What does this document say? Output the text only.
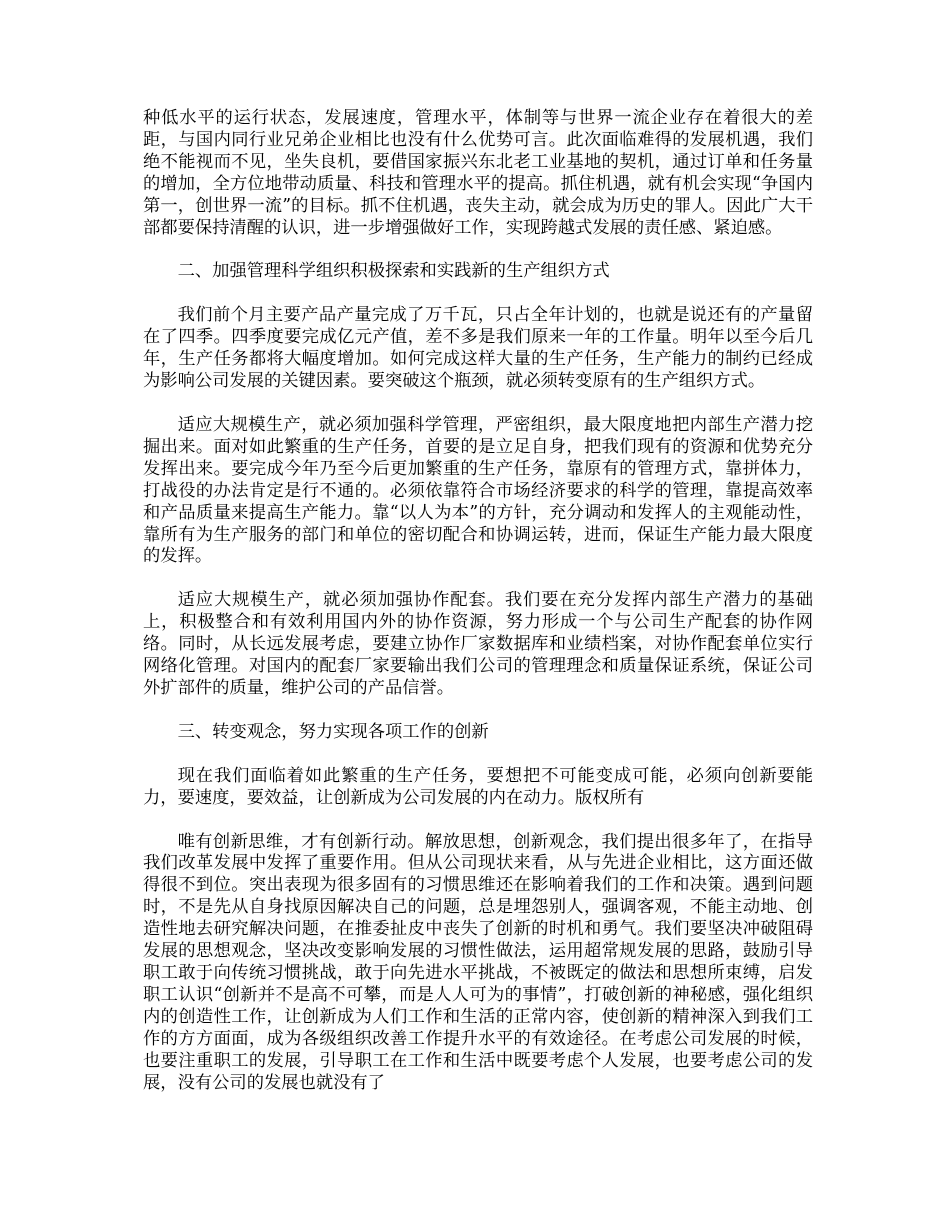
种低水平的运行状态，发展速度，管理水平，体制等与世界一流企业存在着很大的差距，与国内同行业兄弟企业相比也没有什么优势可言。此次面临难得的发展机遇，我们绝不能视而不见，坐失良机，要借国家振兴东北老工业基地的契机，通过订单和任务量的增加，全方位地带动质量、科技和管理水平的提高。抓住机遇，就有机会实现“争国内第一，创世界一流”的目标。抓不住机遇，丧失主动，就会成为历史的罪人。因此广大干部都要保持清醒的认识，进一步增强做好工作，实现跨越式发展的责任感、紧迫感。

二、加强管理科学组织积极探索和实践新的生产组织方式

我们前个月主要产品产量完成了万千瓦，只占全年计划的，也就是说还有的产量留在了四季。四季度要完成亿元产值，差不多是我们原来一年的工作量。明年以至今后几年，生产任务都将大幅度增加。如何完成这样大量的生产任务，生产能力的制约已经成为影响公司发展的关键因素。要突破这个瓶颈，就必须转变原有的生产组织方式。

适应大规模生产，就必须加强科学管理，严密组织，最大限度地把内部生产潜力挖掘出来。面对如此繁重的生产任务，首要的是立足自身，把我们现有的资源和优势充分发挥出来。要完成今年乃至今后更加繁重的生产任务，靠原有的管理方式，靠拼体力，打战役的办法肯定是行不通的。必须依靠符合市场经济要求的科学的管理，靠提高效率和产品质量来提高生产能力。靠“以人为本”的方针，充分调动和发挥人的主观能动性，靠所有为生产服务的部门和单位的密切配合和协调运转，进而，保证生产能力最大限度的发挥。

适应大规模生产，就必须加强协作配套。我们要在充分发挥内部生产潜力的基础上，积极整合和有效利用国内外的协作资源，努力形成一个与公司生产配套的协作网络。同时，从长远发展考虑，要建立协作厂家数据库和业绩档案，对协作配套单位实行网络化管理。对国内的配套厂家要输出我们公司的管理理念和质量保证系统，保证公司外扩部件的质量，维护公司的产品信誉。

三、转变观念，努力实现各项工作的创新

现在我们面临着如此繁重的生产任务，要想把不可能变成可能，必须向创新要能力，要速度，要效益，让创新成为公司发展的内在动力。版权所有

唯有创新思维，才有创新行动。解放思想，创新观念，我们提出很多年了，在指导我们改革发展中发挥了重要作用。但从公司现状来看，从与先进企业相比，这方面还做得很不到位。突出表现为很多固有的习惯思维还在影响着我们的工作和决策。遇到问题时，不是先从自身找原因解决自己的问题，总是埋怨别人，强调客观，不能主动地、创造性地去研究解决问题，在推委扯皮中丧失了创新的时机和勇气。我们要坚决冲破阻碍发展的思想观念，坚决改变影响发展的习惯性做法，运用超常规发展的思路，鼓励引导职工敢于向传统习惯挑战，敢于向先进水平挑战，不被既定的做法和思想所束缚，启发职工认识“创新并不是高不可攀，而是人人可为的事情”，打破创新的神秘感，强化组织内的创造性工作，让创新成为人们工作和生活的正常内容，使创新的精神深入到我们工作的方方面面，成为各级组织改善工作提升水平的有效途径。在考虑公司发展的时候，也要注重职工的发展，引导职工在工作和生活中既要考虑个人发展，也要考虑公司的发展，没有公司的发展也就没有了
